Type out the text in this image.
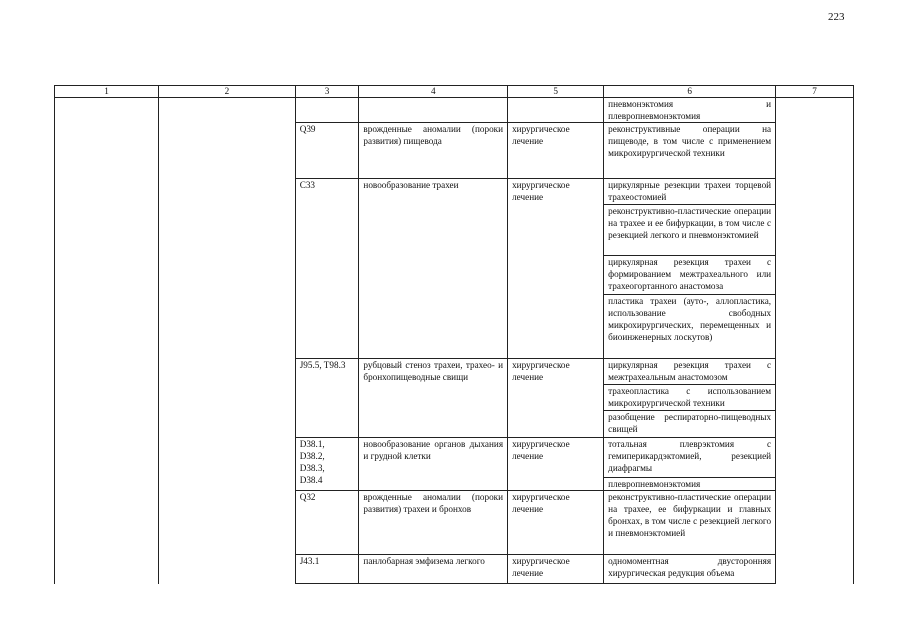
223
1	2	3	4	5	6	7
					пневмонэктомия и плевропневмонэктомия	
		Q39	врожденные аномалии (пороки развития) пищевода	хирургическое лечение	реконструктивные операции на пищеводе, в том числе с применением микрохирургической техники	
		C33	новообразование трахеи	хирургическое лечение	циркулярные резекции трахеи торцевой трахеостомией	
					реконструктивно-пластические операции на трахее и ее бифуркации, в том числе с резекцией легкого и пневмонэктомией	
					циркулярная резекция трахеи с формированием межтрахеального или трахеогортанного анастомоза	
					пластика трахеи (ауто-, аллопластика, использование свободных микрохирургических, перемещенных и биоинженерных лоскутов)	
		J95.5, T98.3	рубцовый стеноз трахеи, трахео- и бронхопищеводные свищи	хирургическое лечение	циркулярная резекция трахеи с межтрахеальным анастомозом	
					трахеопластика с использованием микрохирургической техники	
					разобщение респираторно-пищеводных свищей	

		D38.1,
D38.2,
D38.3,
D38.4	новообразование органов дыхания и грудной клетки	хирургическое лечение	тотальная плеврэктомия с гемиперикардэктомией, резекцией диафрагмы	
					плевропневмонэктомия	
		Q32	врожденные аномалии (пороки развития) трахеи и бронхов	хирургическое лечение	реконструктивно-пластические операции на трахее, ее бифуркации и главных бронхах, в том числе с резекцией легкого и пневмонэктомией	
		J43.1	панлобарная эмфизема легкого	хирургическое лечение	одномоментная двусторонняя хирургическая редукция объема	
